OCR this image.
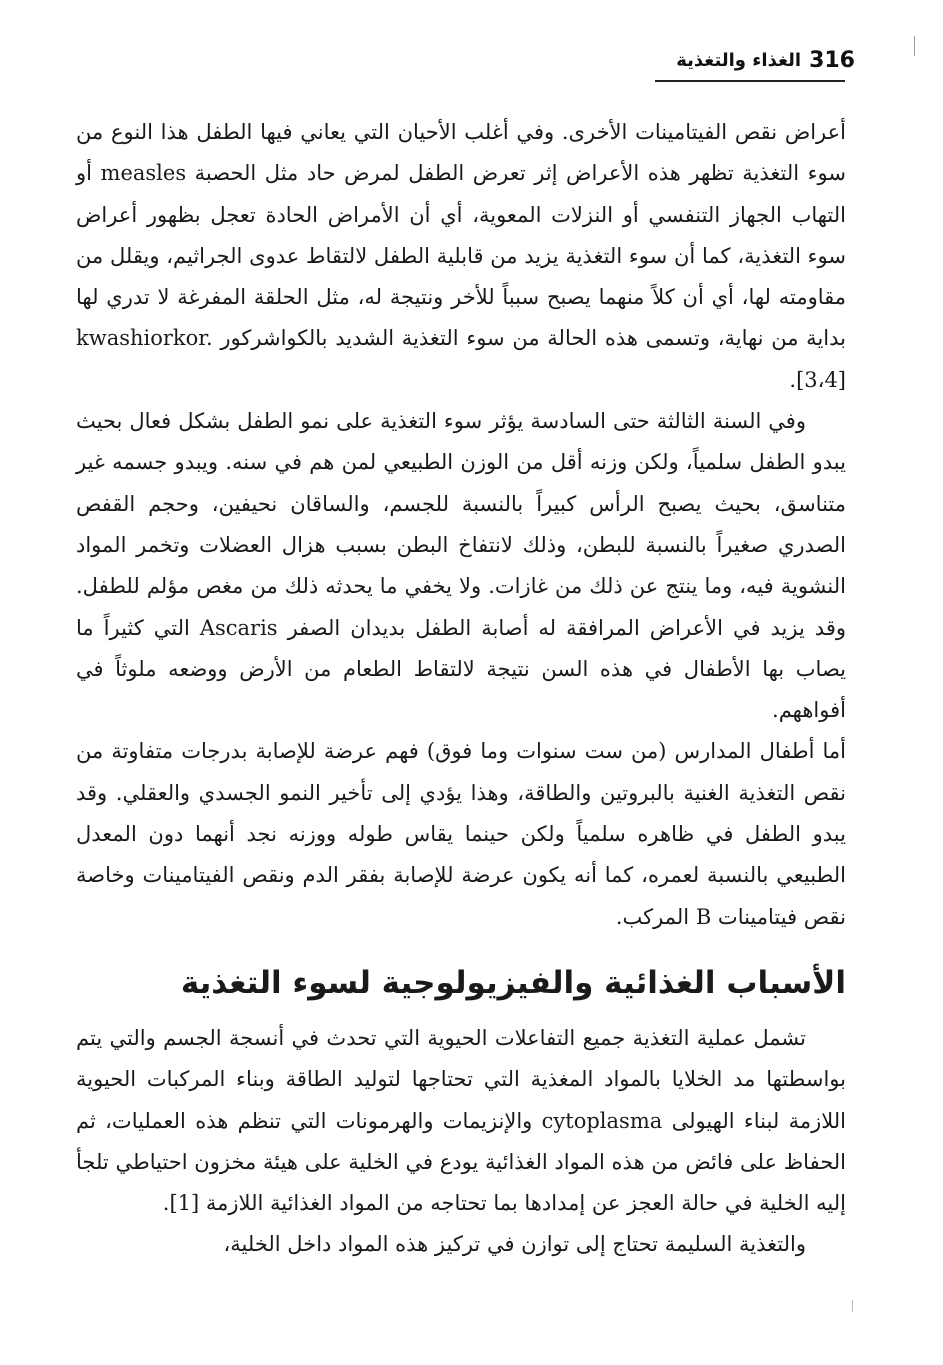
316
الغذاء والتغذية

أعراض نقص الفيتامينات الأخرى. وفي أغلب الأحيان التي يعاني فيها الطفل هذا النوع من سوء التغذية تظهر هذه الأعراض إثر تعرض الطفل لمرض حاد مثل الحصبة measles أو التهاب الجهاز التنفسي أو النزلات المعوية، أي أن الأمراض الحادة تعجل بظهور أعراض سوء التغذية، كما أن سوء التغذية يزيد من قابلية الطفل لالتقاط عدوى الجراثيم، ويقلل من مقاومته لها، أي أن كلاً منهما يصبح سبباً للأخر ونتيجة له، مثل الحلقة المفرغة لا تدري لها بداية من نهاية، وتسمى هذه الحالة من سوء التغذية الشديد بالكواشركور kwashiorkor. [3،4].

وفي السنة الثالثة حتى السادسة يؤثر سوء التغذية على نمو الطفل بشكل فعال بحيث يبدو الطفل سلمياً، ولكن وزنه أقل من الوزن الطبيعي لمن هم في سنه. ويبدو جسمه غير متناسق، بحيث يصبح الرأس كبيراً بالنسبة للجسم، والساقان نحيفين، وحجم القفص الصدري صغيراً بالنسبة للبطن، وذلك لانتفاخ البطن بسبب هزال العضلات وتخمر المواد النشوية فيه، وما ينتج عن ذلك من غازات. ولا يخفي ما يحدثه ذلك من مغص مؤلم للطفل. وقد يزيد في الأعراض المرافقة له أصابة الطفل بديدان الصفر Ascaris التي كثيراً ما يصاب بها الأطفال في هذه السن نتيجة لالتقاط الطعام من الأرض ووضعه ملوثاً في أفواههم.

أما أطفال المدارس (من ست سنوات وما فوق) فهم عرضة للإصابة بدرجات متفاوتة من نقص التغذية الغنية بالبروتين والطاقة، وهذا يؤدي إلى تأخير النمو الجسدي والعقلي. وقد يبدو الطفل في ظاهره سلمياً ولكن حينما يقاس طوله ووزنه نجد أنهما دون المعدل الطبيعي بالنسبة لعمره، كما أنه يكون عرضة للإصابة بفقر الدم ونقص الفيتامينات وخاصة نقص فيتامينات B المركب.

الأسباب الغذائية والفيزيولوجية لسوء التغذية

تشمل عملية التغذية جميع التفاعلات الحيوية التي تحدث في أنسجة الجسم والتي يتم بواسطتها مد الخلايا بالمواد المغذية التي تحتاجها لتوليد الطاقة وبناء المركبات الحيوية اللازمة لبناء الهيولى cytoplasma والإنزيمات والهرمونات التي تنظم هذه العمليات، ثم الحفاظ على فائض من هذه المواد الغذائية يودع في الخلية على هيئة مخزون احتياطي تلجأ إليه الخلية في حالة العجز عن إمدادها بما تحتاجه من المواد الغذائية اللازمة [1].

والتغذية السليمة تحتاج إلى توازن في تركيز هذه المواد داخل الخلية،
